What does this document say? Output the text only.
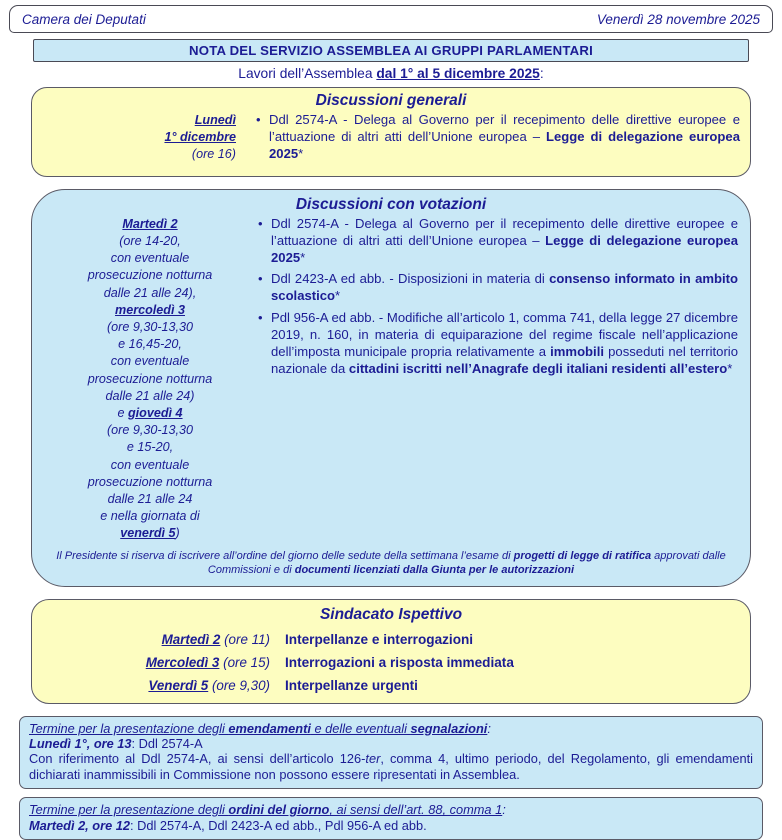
Camera dei Deputati	Venerdì 28 novembre 2025
NOTA DEL SERVIZIO ASSEMBLEA AI GRUPPI PARLAMENTARI
Lavori dell’Assemblea dal 1° al 5 dicembre 2025:
Discussioni generali
Lunedì
1° dicembre
(ore 16)
• Ddl 2574-A - Delega al Governo per il recepimento delle direttive europee e l’attuazione di altri atti dell’Unione europea – Legge di delegazione europea 2025*
Discussioni con votazioni
Martedì 2
(ore 14-20,
con eventuale
prosecuzione notturna
dalle 21 alle 24),
mercoledì 3
(ore 9,30-13,30
e 16,45-20,
con eventuale
prosecuzione notturna
dalle 21 alle 24)
e giovedì 4
(ore 9,30-13,30
e 15-20,
con eventuale
prosecuzione notturna
dalle 21 alle 24
e nella giornata di
venerdì 5)
• Ddl 2574-A - Delega al Governo per il recepimento delle direttive europee e l’attuazione di altri atti dell’Unione europea – Legge di delegazione europea 2025*
• Ddl 2423-A ed abb. - Disposizioni in materia di consenso informato in ambito scolastico*
• Pdl 956-A ed abb. - Modifiche all’articolo 1, comma 741, della legge 27 dicembre 2019, n. 160, in materia di equiparazione del regime fiscale nell’applicazione dell’imposta municipale propria relativamente a immobili posseduti nel territorio nazionale da cittadini iscritti nell’Anagrafe degli italiani residenti all’estero*
Il Presidente si riserva di iscrivere all’ordine del giorno delle sedute della settimana l’esame di progetti di legge di ratifica approvati dalle Commissioni e di documenti licenziati dalla Giunta per le autorizzazioni
Sindacato Ispettivo
Martedì 2 (ore 11)	Interpellanze e interrogazioni
Mercoledì 3 (ore 15)	Interrogazioni a risposta immediata
Venerdì 5 (ore 9,30)	Interpellanze urgenti
Termine per la presentazione degli emendamenti e delle eventuali segnalazioni:
Lunedì 1°, ore 13: Ddl 2574-A
Con riferimento al Ddl 2574-A, ai sensi dell’articolo 126-ter, comma 4, ultimo periodo, del Regolamento, gli emendamenti dichiarati inammissibili in Commissione non possono essere ripresentati in Assemblea.
Termine per la presentazione degli ordini del giorno, ai sensi dell’art. 88, comma 1:
Martedì 2, ore 12: Ddl 2574-A, Ddl 2423-A ed abb., Pdl 956-A ed abb.
